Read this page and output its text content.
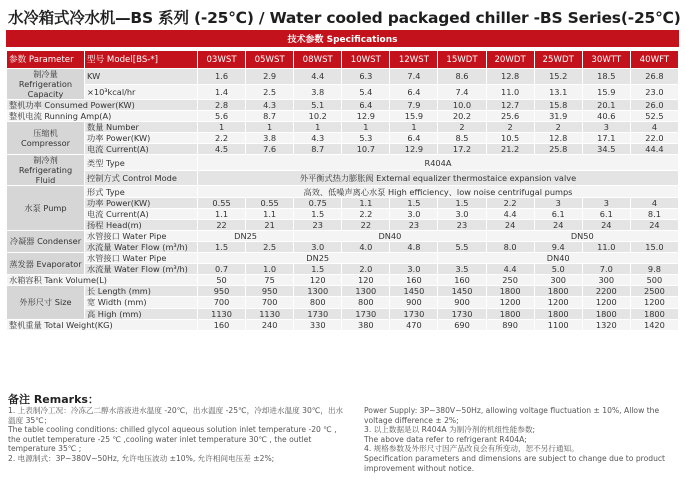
水冷箱式冷水机—BS 系列 (-25℃) / Water cooled packaged chiller -BS Series(-25℃)
技术参数 Specifications
参数 Parameter	型号 Model[BS-*]	03WST	05WST	08WST	10WST	12WST	15WDT	20WDT	25WDT	30WTT	40WFT
制冷量 Refrigeration Capacity	KW	1.6	2.9	4.4	6.3	7.4	8.6	12.8	15.2	18.5	26.8
	×10³kcal/hr	1.4	2.5	3.8	5.4	6.4	7.4	11.0	13.1	15.9	23.0
整机功率 Consumed Power(KW)		2.8	4.3	5.1	6.4	7.9	10.0	12.7	15.8	20.1	26.0
整机电流 Running Amp(A)		5.6	8.7	10.2	12.9	15.9	20.2	25.6	31.9	40.6	52.5
压缩机 Compressor	数量 Number	1	1	1	1	1	2	2	2	3	4
	功率 Power(KW)	2.2	3.8	4.3	5.3	6.4	8.5	10.5	12.8	17.1	22.0
	电流 Current(A)	4.5	7.6	8.7	10.7	12.9	17.2	21.2	25.8	34.5	44.4
制冷剂 Refrigerating Fluid	类型 Type	R404A									
	控制方式 Control Mode	外平衡式热力膨胀阀 External equalizer thermostaice expansion valve									
水泵 Pump	形式 Type	高效、低噪声离心水泵 High efficiency、low noise centrifugal pumps									
	功率 Power(KW)	0.55	0.55	0.75	1.1	1.5	1.5	2.2	3	3	4
	电流 Current(A)	1.1	1.1	1.5	2.2	3.0	3.0	4.4	6.1	6.1	8.1
	扬程 Head(m)	22	21	23	22	23	23	24	24	24	24
冷凝器 Condenser	水管接口 Water Pipe	DN25		DN40				DN50			
	水流量 Water Flow (m³/h)	1.5	2.5	3.0	4.0	4.8	5.5	8.0	9.4	11.0	15.0
蒸发器 Evaporator	水管接口 Water Pipe	DN25					DN40				
	水流量 Water Flow (m³/h)	0.7	1.0	1.5	2.0	3.0	3.5	4.4	5.0	7.0	9.8
水箱容积 Tank Volume(L)		50	75	120	120	160	160	250	300	300	500
外形尺寸 Size	长 Length (mm)	950	950	1300	1300	1450	1450	1800	1800	2200	2500
	宽 Width (mm)	700	700	800	800	900	900	1200	1200	1200	1200
	高 High (mm)	1130	1130	1730	1730	1730	1730	1800	1800	1800	1800
整机重量 Total Weight(KG)		160	240	330	380	470	690	890	1100	1320	1420
备注 Remarks：
1. 上表制冷工况：冷冻乙二醇水溶液进水温度 -20℃，出水温度 -25℃，冷却进水温度 30℃，出水温度 35℃；
The table cooling conditions: chilled glycol aqueous solution inlet temperature -20 ℃ , the outlet temperature -25 ℃ ,cooling water inlet temperature 30℃ , the outlet temperature 35℃ ;
2. 电源制式：3P~380V~50Hz, 允许电压波动 ±10%, 允许相间电压差 ±2%;
Power Supply: 3P~380V~50Hz, allowing voltage fluctuation ± 10%, Allow the voltage difference ± 2%;
3. 以上数据是以 R404A 为制冷剂的机组性能参数;
The above data refer to refrigerant R404A;
4. 规格参数及外形尺寸因产品改良会有所变动，恕不另行通知。
Specification parameters and dimensions are subject to change due to product improvement without notice.
